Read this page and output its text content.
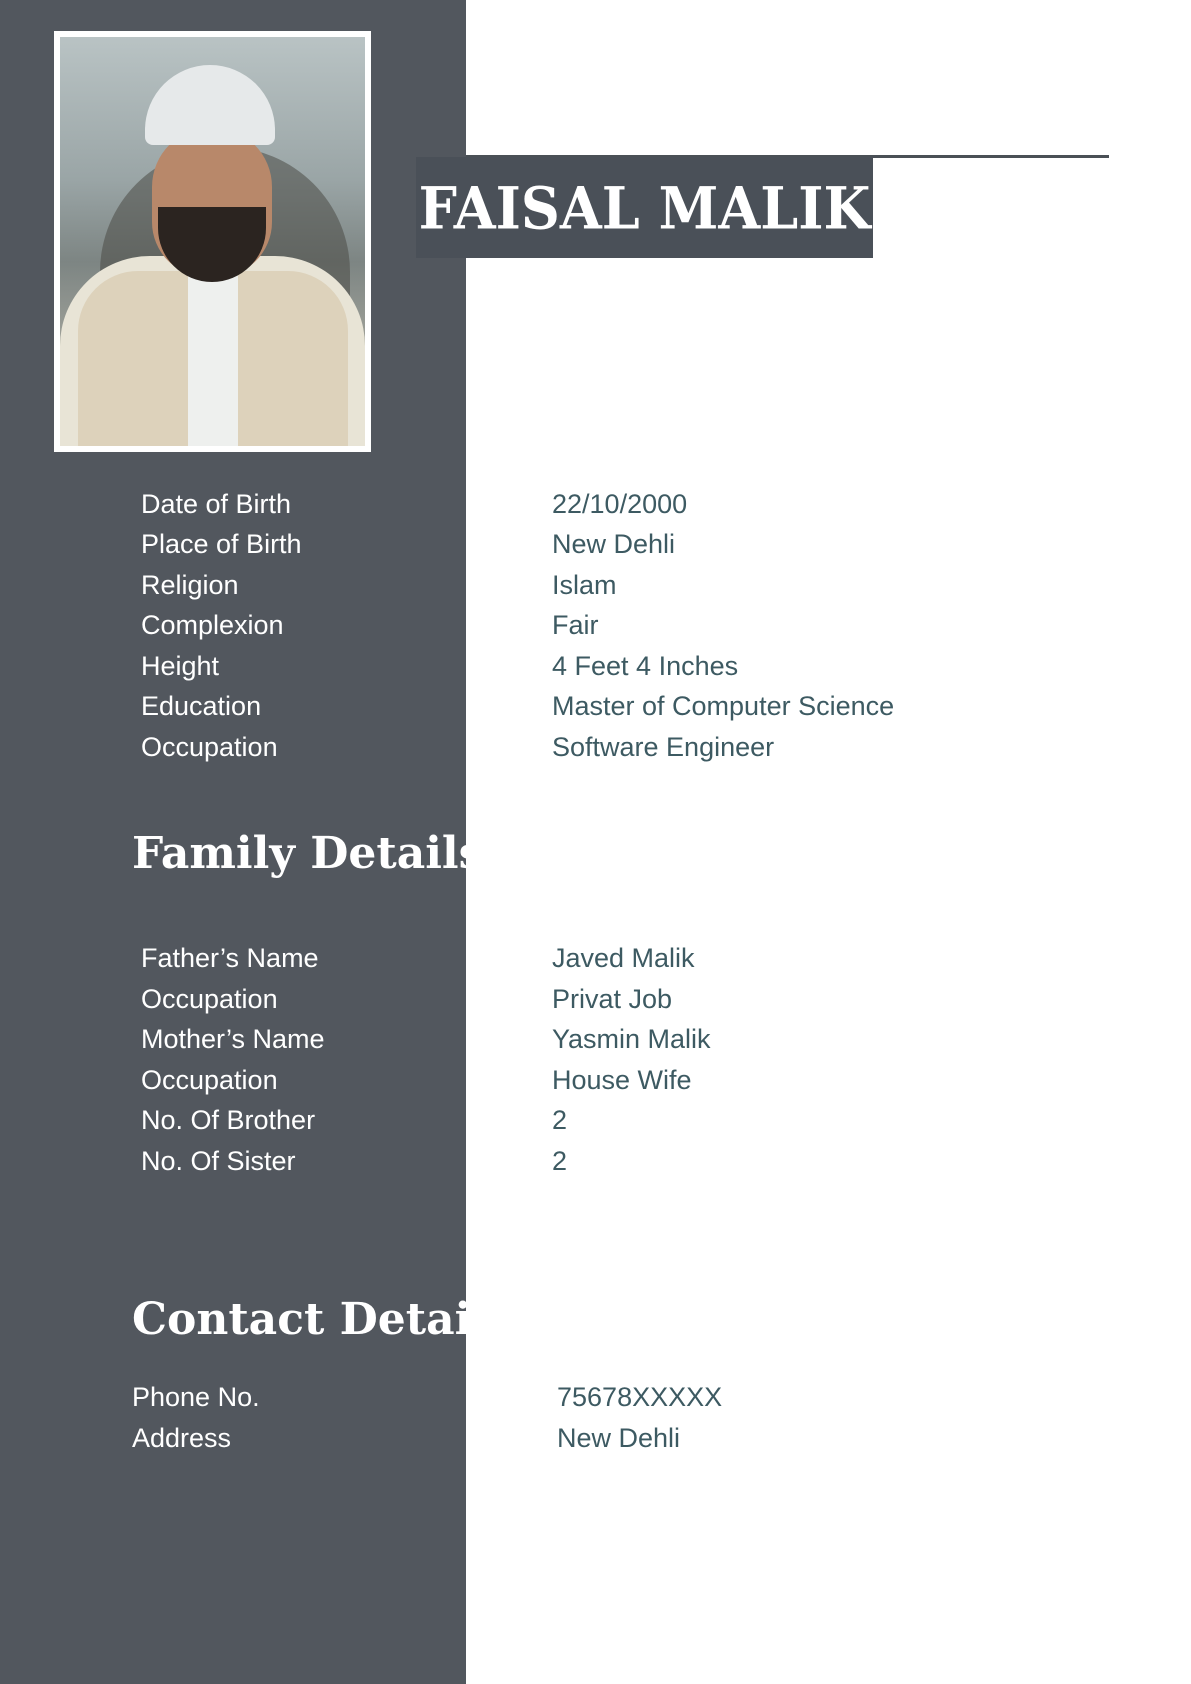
FAISAL MALIK
Date of Birth	22/10/2000
Place of Birth	New Dehli
Religion	Islam
Complexion	Fair
Height	4 Feet 4 Inches
Education	Master of Computer Science
Occupation	Software Engineer
Family Details
Father’s Name	Javed Malik
Occupation	Privat Job
Mother’s Name	Yasmin Malik
Occupation	House Wife
No. Of Brother	2
No. Of Sister	2
Contact Details
Phone No.	75678XXXXX
Address	New Dehli
